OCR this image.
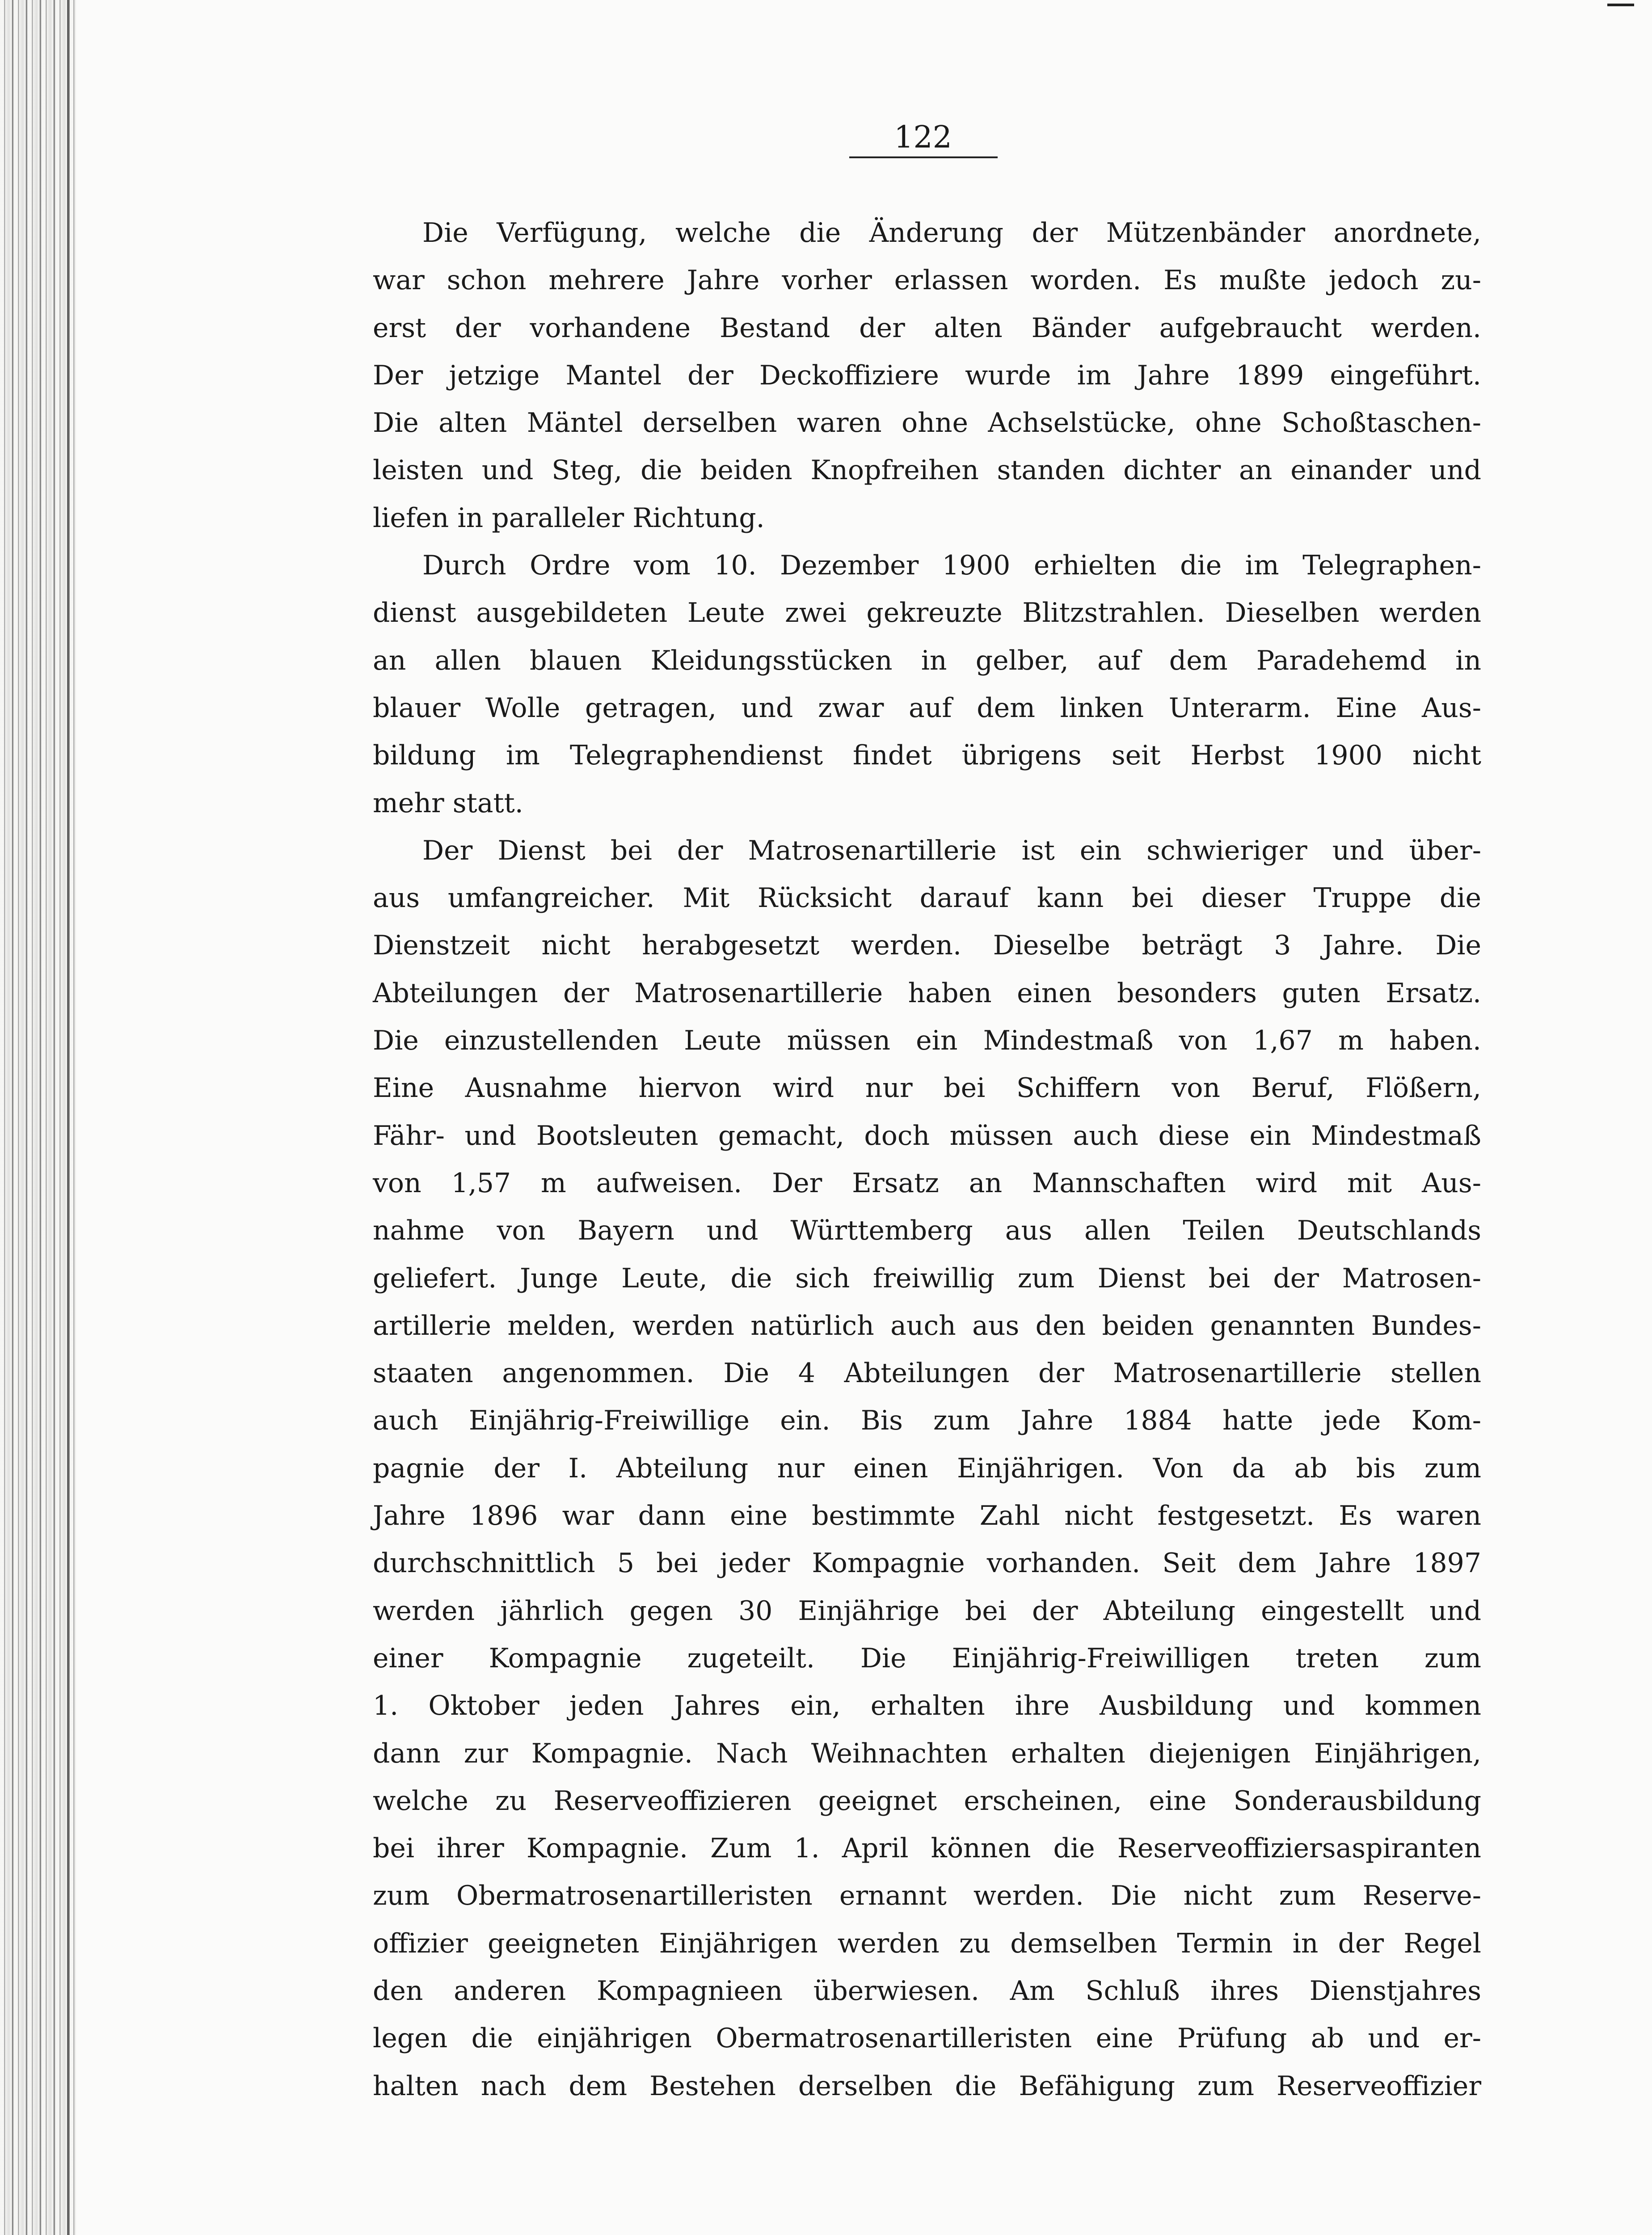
122
Die Verfügung, welche die Änderung der Mützenbänder anordnete,
war schon mehrere Jahre vorher erlassen worden. Es mußte jedoch zu-
erst der vorhandene Bestand der alten Bänder aufgebraucht werden.
Der jetzige Mantel der Deckoffiziere wurde im Jahre 1899 eingeführt.
Die alten Mäntel derselben waren ohne Achselstücke, ohne Schoßtaschen-
leisten und Steg, die beiden Knopfreihen standen dichter an einander und
liefen in paralleler Richtung.
Durch Ordre vom 10. Dezember 1900 erhielten die im Telegraphen-
dienst ausgebildeten Leute zwei gekreuzte Blitzstrahlen. Dieselben werden
an allen blauen Kleidungsstücken in gelber, auf dem Paradehemd in
blauer Wolle getragen, und zwar auf dem linken Unterarm. Eine Aus-
bildung im Telegraphendienst findet übrigens seit Herbst 1900 nicht
mehr statt.
Der Dienst bei der Matrosenartillerie ist ein schwieriger und über-
aus umfangreicher. Mit Rücksicht darauf kann bei dieser Truppe die
Dienstzeit nicht herabgesetzt werden. Dieselbe beträgt 3 Jahre. Die
Abteilungen der Matrosenartillerie haben einen besonders guten Ersatz.
Die einzustellenden Leute müssen ein Mindestmaß von 1,67 m haben.
Eine Ausnahme hiervon wird nur bei Schiffern von Beruf, Flößern,
Fähr- und Bootsleuten gemacht, doch müssen auch diese ein Mindestmaß
von 1,57 m aufweisen. Der Ersatz an Mannschaften wird mit Aus-
nahme von Bayern und Württemberg aus allen Teilen Deutschlands
geliefert. Junge Leute, die sich freiwillig zum Dienst bei der Matrosen-
artillerie melden, werden natürlich auch aus den beiden genannten Bundes-
staaten angenommen. Die 4 Abteilungen der Matrosenartillerie stellen
auch Einjährig-Freiwillige ein. Bis zum Jahre 1884 hatte jede Kom-
pagnie der I. Abteilung nur einen Einjährigen. Von da ab bis zum
Jahre 1896 war dann eine bestimmte Zahl nicht festgesetzt. Es waren
durchschnittlich 5 bei jeder Kompagnie vorhanden. Seit dem Jahre 1897
werden jährlich gegen 30 Einjährige bei der Abteilung eingestellt und
einer Kompagnie zugeteilt. Die Einjährig-Freiwilligen treten zum
1. Oktober jeden Jahres ein, erhalten ihre Ausbildung und kommen
dann zur Kompagnie. Nach Weihnachten erhalten diejenigen Einjährigen,
welche zu Reserveoffizieren geeignet erscheinen, eine Sonderausbildung
bei ihrer Kompagnie. Zum 1. April können die Reserveoffiziersaspiranten
zum Obermatrosenartilleristen ernannt werden. Die nicht zum Reserve-
offizier geeigneten Einjährigen werden zu demselben Termin in der Regel
den anderen Kompagnieen überwiesen. Am Schluß ihres Dienstjahres
legen die einjährigen Obermatrosenartilleristen eine Prüfung ab und er-
halten nach dem Bestehen derselben die Befähigung zum Reserveoffizier
